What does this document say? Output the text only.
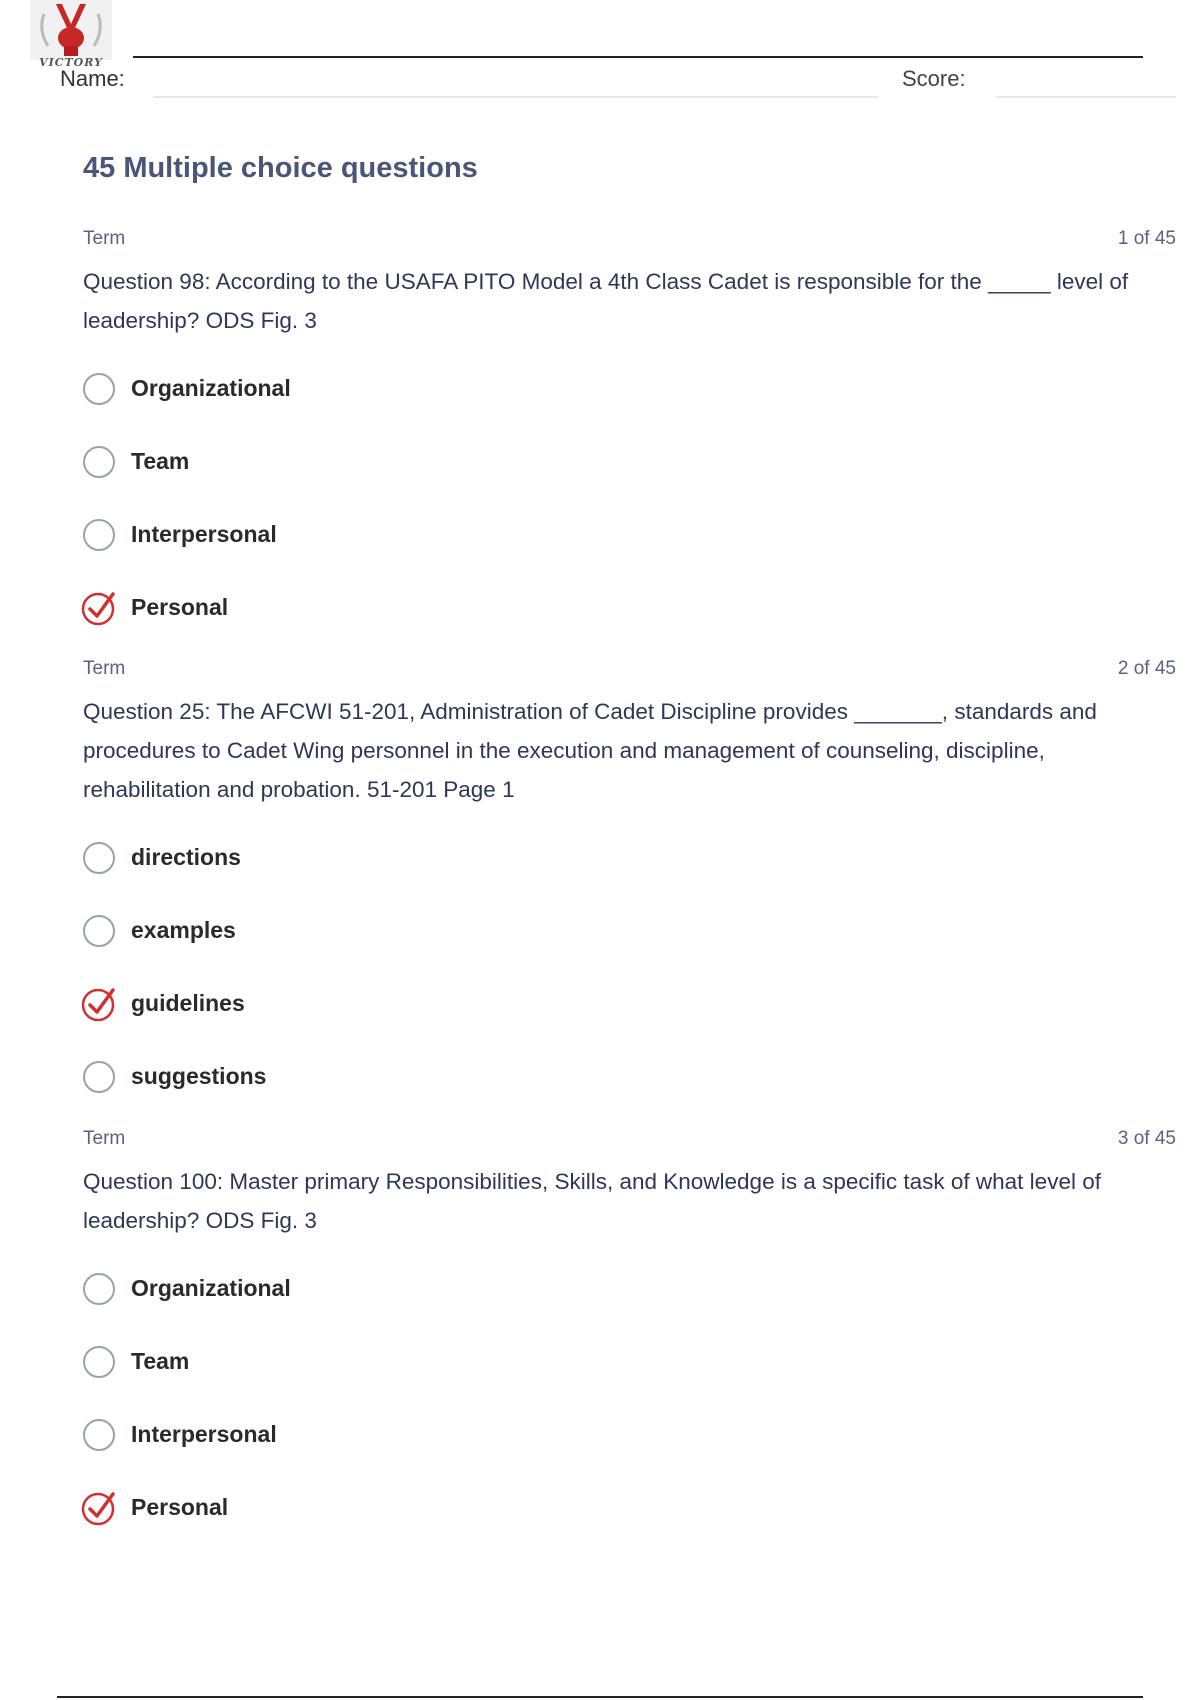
VICTORY
Name:	Score:
45 Multiple choice questions
Term	1 of 45
Question 98: According to the USAFA PITO Model a 4th Class Cadet is responsible for the _____ level of leadership? ODS Fig. 3
Organizational
Team
Interpersonal
Personal
Term	2 of 45
Question 25: The AFCWI 51-201, Administration of Cadet Discipline provides _______, standards and procedures to Cadet Wing personnel in the execution and management of counseling, discipline, rehabilitation and probation. 51-201 Page 1
directions
examples
guidelines
suggestions
Term	3 of 45
Question 100: Master primary Responsibilities, Skills, and Knowledge is a specific task of what level of leadership? ODS Fig. 3
Organizational
Team
Interpersonal
Personal
